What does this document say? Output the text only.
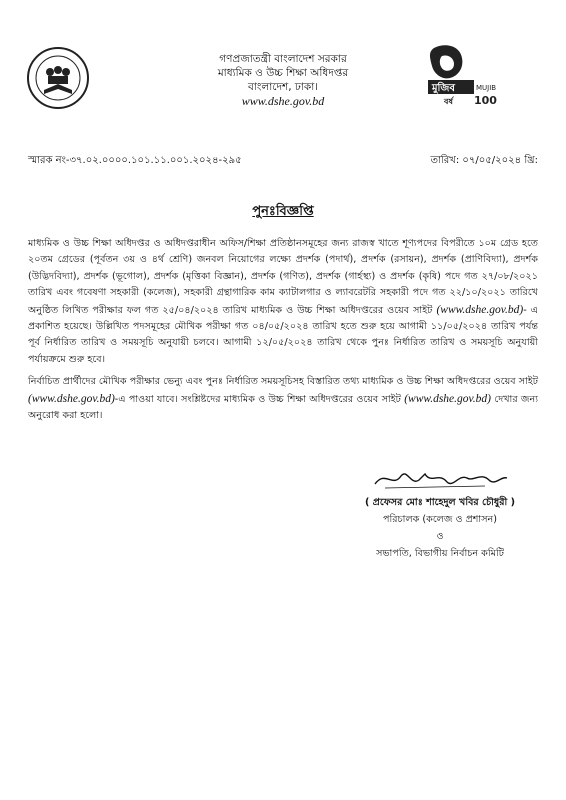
গণপ্রজাতন্ত্রী বাংলাদেশ সরকার
মাধ্যমিক ও উচ্চ শিক্ষা অধিদপ্তর
বাংলাদেশ, ঢাকা।
www.dshe.gov.bd
মুজিব	MUJIB
বর্ষ 100
স্মারক নং-৩৭.০২.০০০০.১০১.১১.০০১.২০২৪-২৯৫	তারিখ: ০৭/০৫/২০২৪ খ্রি:
পুনঃবিজ্ঞপ্তি

মাধ্যমিক ও উচ্চ শিক্ষা অধিদপ্তর ও অধিদপ্তরাধীন অফিস/শিক্ষা প্রতিষ্ঠানসমূহের জন্য রাজস্ব খাতে শূণ্যপদের বিপরীতে ১০ম গ্রেড হতে ২০তম গ্রেডের (পূর্বতন ৩য় ও ৪র্থ শ্রেণি) জনবল নিয়োগের লক্ষ্যে প্রদর্শক (পদার্থ), প্রদর্শক (রসায়ন), প্রদর্শক (প্রাণিবিদ্যা), প্রদর্শক (উদ্ভিদবিদ্যা), প্রদর্শক (ভূগোল), প্রদর্শক (মৃত্তিকা বিজ্ঞান), প্রদর্শক (গণিত), প্রদর্শক (গার্হস্থ্য) ও প্রদর্শক (কৃষি) পদে গত ২৭/০৮/২০২১ তারিখ এবং গবেষণা সহকারী (কলেজ), সহকারী গ্রন্থাগারিক কাম ক্যাটালগার ও ল্যাবরেটরি সহকারী পদে গত ২২/১০/২০২১ তারিখে অনুষ্ঠিত লিখিত পরীক্ষার ফল গত ২৫/০৪/২০২৪ তারিখ মাধ্যমিক ও উচ্চ শিক্ষা অধিদপ্তরের ওয়েব সাইট (www.dshe.gov.bd)- এ প্রকাশিত হয়েছে। উল্লিখিত পদসমূহের মৌখিক পরীক্ষা গত ০৪/০৫/২০২৪ তারিখ হতে শুরু হয়ে আগামী ১১/০৫/২০২৪ তারিখ পর্যন্ত পূর্ব নির্ধারিত তারিখ ও সময়সূচি অনুযায়ী চলবে। আগামী ১২/০৫/২০২৪ তারিখ থেকে পুনঃ নির্ধারিত তারিখ ও সময়সূচি অনুযায়ী পর্যায়ক্রমে শুরু হবে।

নির্বাচিত প্রার্থীদের মৌখিক পরীক্ষার ভেন্যু এবং পুনঃ নির্ধারিত সময়সূচিসহ বিস্তারিত তথ্য মাধ্যমিক ও উচ্চ শিক্ষা অধিদপ্তরের ওয়েব সাইট (www.dshe.gov.bd)-এ পাওয়া যাবে। সংশ্লিষ্টদের মাধ্যমিক ও উচ্চ শিক্ষা অধিদপ্তরের ওয়েব সাইট (www.dshe.gov.bd) দেখার জন্য অনুরোধ করা হলো।

( প্রফেসর মোঃ শাহেদুল খবির চৌধুরী )
পরিচালক (কলেজ ও প্রশাসন)
ও
সভাপতি, বিভাগীয় নির্বাচন কমিটি
